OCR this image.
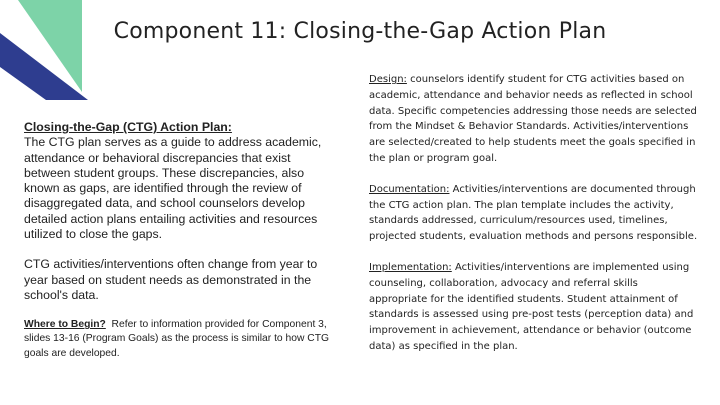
Component 11: Closing-the-Gap Action Plan

Closing-the-Gap (CTG) Action Plan:
The CTG plan serves as a guide to address academic, attendance or behavioral discrepancies that exist between student groups. These discrepancies, also known as gaps, are identified through the review of disaggregated data, and school counselors develop detailed action plans entailing activities and resources utilized to close the gaps.

CTG activities/interventions often change from year to year based on student needs as demonstrated in the school's data.

Where to Begin? Refer to information provided for Component 3, slides 13-16 (Program Goals) as the process is similar to how CTG goals are developed.

Design: counselors identify student for CTG activities based on academic, attendance and behavior needs as reflected in school data. Specific competencies addressing those needs are selected from the Mindset & Behavior Standards. Activities/interventions are selected/created to help students meet the goals specified in the plan or program goal.

Documentation: Activities/interventions are documented through the CTG action plan. The plan template includes the activity, standards addressed, curriculum/resources used, timelines, projected students, evaluation methods and persons responsible.

Implementation: Activities/interventions are implemented using counseling, collaboration, advocacy and referral skills appropriate for the identified students. Student attainment of standards is assessed using pre-post tests (perception data) and improvement in achievement, attendance or behavior (outcome data) as specified in the plan.
